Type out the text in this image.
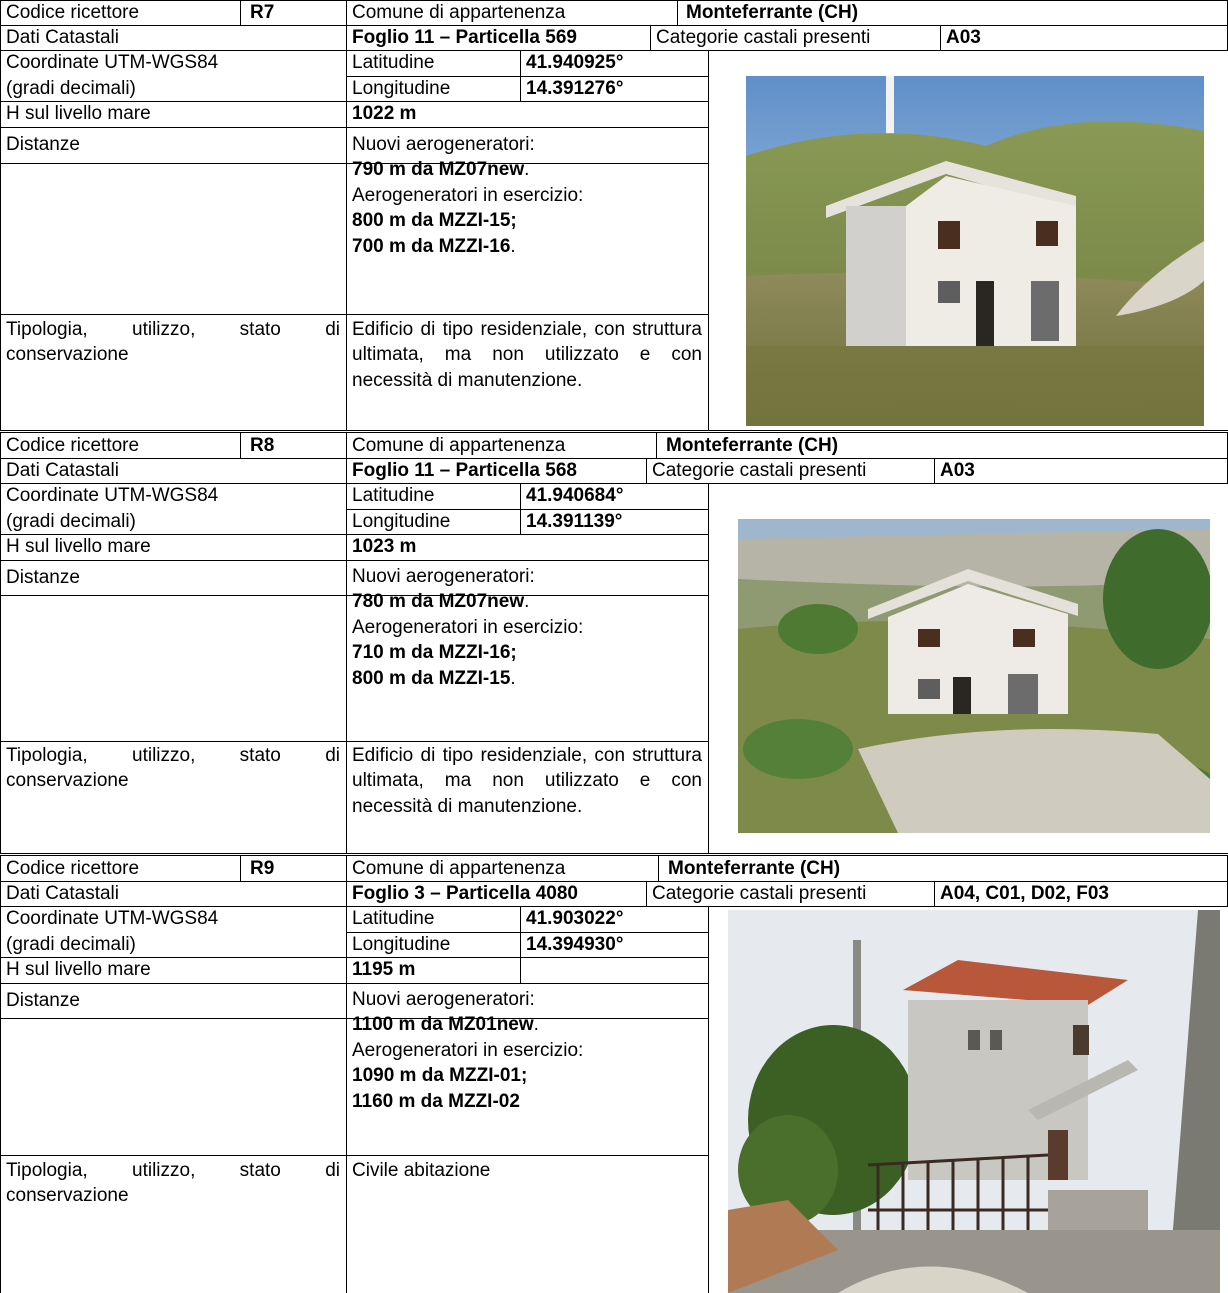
Codice ricettore	R7	Comune di appartenenza	Monteferrante (CH)
Dati Catastali	Foglio 11 – Particella 569	Categorie castali presenti	A03
Coordinate UTM-WGS84
(gradi decimali)
Latitudine	41.940925°
Longitudine	14.391276°
H sul livello mare	1022 m
Distanze	Nuovi aerogeneratori:
790 m da MZ07new.
Aerogeneratori in esercizio:
800 m da MZZI-15;
700 m da MZZI-16.
Tipologia, utilizzo, stato di conservazione
Edificio di tipo residenziale, con struttura ultimata, ma non utilizzato e con necessità di manutenzione.
Codice ricettore	R8	Comune di appartenenza	Monteferrante (CH)
Dati Catastali	Foglio 11 – Particella 568	Categorie castali presenti	A03
Coordinate UTM-WGS84
(gradi decimali)
Latitudine	41.940684°
Longitudine	14.391139°
H sul livello mare	1023 m
Distanze	Nuovi aerogeneratori:
780 m da MZ07new.
Aerogeneratori in esercizio:
710 m da MZZI-16;
800 m da MZZI-15.
Tipologia, utilizzo, stato di conservazione
Edificio di tipo residenziale, con struttura ultimata, ma non utilizzato e con necessità di manutenzione.
Codice ricettore	R9	Comune di appartenenza	Monteferrante (CH)
Dati Catastali	Foglio 3 – Particella 4080	Categorie castali presenti	A04, C01, D02, F03
Coordinate UTM-WGS84
(gradi decimali)
Latitudine	41.903022°
Longitudine	14.394930°
H sul livello mare	1195 m
Distanze	Nuovi aerogeneratori:
1100 m da MZ01new.
Aerogeneratori in esercizio:
1090 m da MZZI-01;
1160 m da MZZI-02
Tipologia, utilizzo, stato di conservazione
Civile abitazione
